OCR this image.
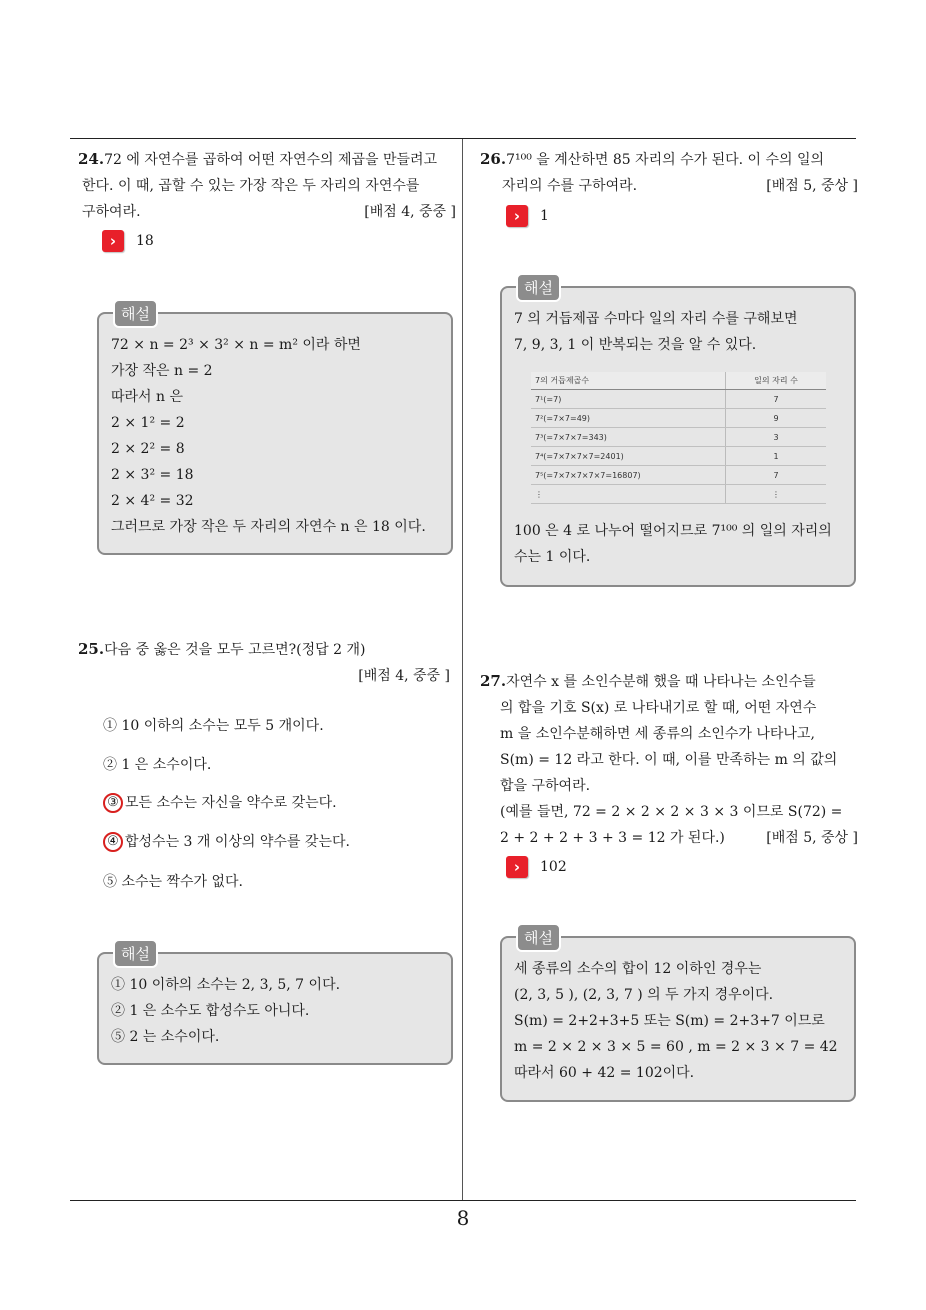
24.72 에 자연수를 곱하여 어떤 자연수의 제곱을 만들려고
한다. 이 때, 곱할 수 있는 가장 작은 두 자리의 자연수를
구하여라.	[배점 4, 중중 ]
›	18
해설
72 × n = 2³ × 3² × n = m² 이라 하면
가장 작은 n = 2
따라서 n 은
2 × 1² = 2
2 × 2² = 8
2 × 3² = 18
2 × 4² = 32
그러므로 가장 작은 두 자리의 자연수 n 은 18 이다.
25.다음 중 옳은 것을 모두 고르면?(정답 2 개)
[배점 4, 중중 ]
① 10 이하의 소수는 모두 5 개이다.
② 1 은 소수이다.
③ 모든 소수는 자신을 약수로 갖는다.
④ 합성수는 3 개 이상의 약수를 갖는다.
⑤ 소수는 짝수가 없다.
해설
① 10 이하의 소수는 2, 3, 5, 7 이다.
② 1 은 소수도 합성수도 아니다.
⑤ 2 는 소수이다.
26.7¹⁰⁰ 을 계산하면 85 자리의 수가 된다. 이 수의 일의
자리의 수를 구하여라.	[배점 5, 중상 ]
›	1
해설
7 의 거듭제곱 수마다 일의 자리 수를 구해보면
7, 9, 3, 1 이 반복되는 것을 알 수 있다.
7의 거듭제곱수	일의 자리 수
7¹(=7)	7
7²(=7×7=49)	9
7³(=7×7×7=343)	3
7⁴(=7×7×7×7=2401)	1
7⁵(=7×7×7×7×7=16807)	7
⋮	⋮
100 은 4 로 나누어 떨어지므로 7¹⁰⁰ 의 일의 자리의
수는 1 이다.
27.자연수 x 를 소인수분해 했을 때 나타나는 소인수들
의 합을 기호 S(x) 로 나타내기로 할 때, 어떤 자연수
m 을 소인수분해하면 세 종류의 소인수가 나타나고,
S(m) = 12 라고 한다. 이 때, 이를 만족하는 m 의 값의
합을 구하여라.
(예를 들면, 72 = 2 × 2 × 2 × 3 × 3 이므로 S(72) =
2 + 2 + 2 + 3 + 3 = 12 가 된다.)	[배점 5, 중상 ]
›	102
해설
세 종류의 소수의 합이 12 이하인 경우는
(2, 3, 5 ), (2, 3, 7 ) 의 두 가지 경우이다.
S(m) = 2+2+3+5 또는 S(m) = 2+3+7 이므로
m = 2 × 2 × 3 × 5 = 60 , m = 2 × 3 × 7 = 42
따라서 60 + 42 = 102이다.
8
